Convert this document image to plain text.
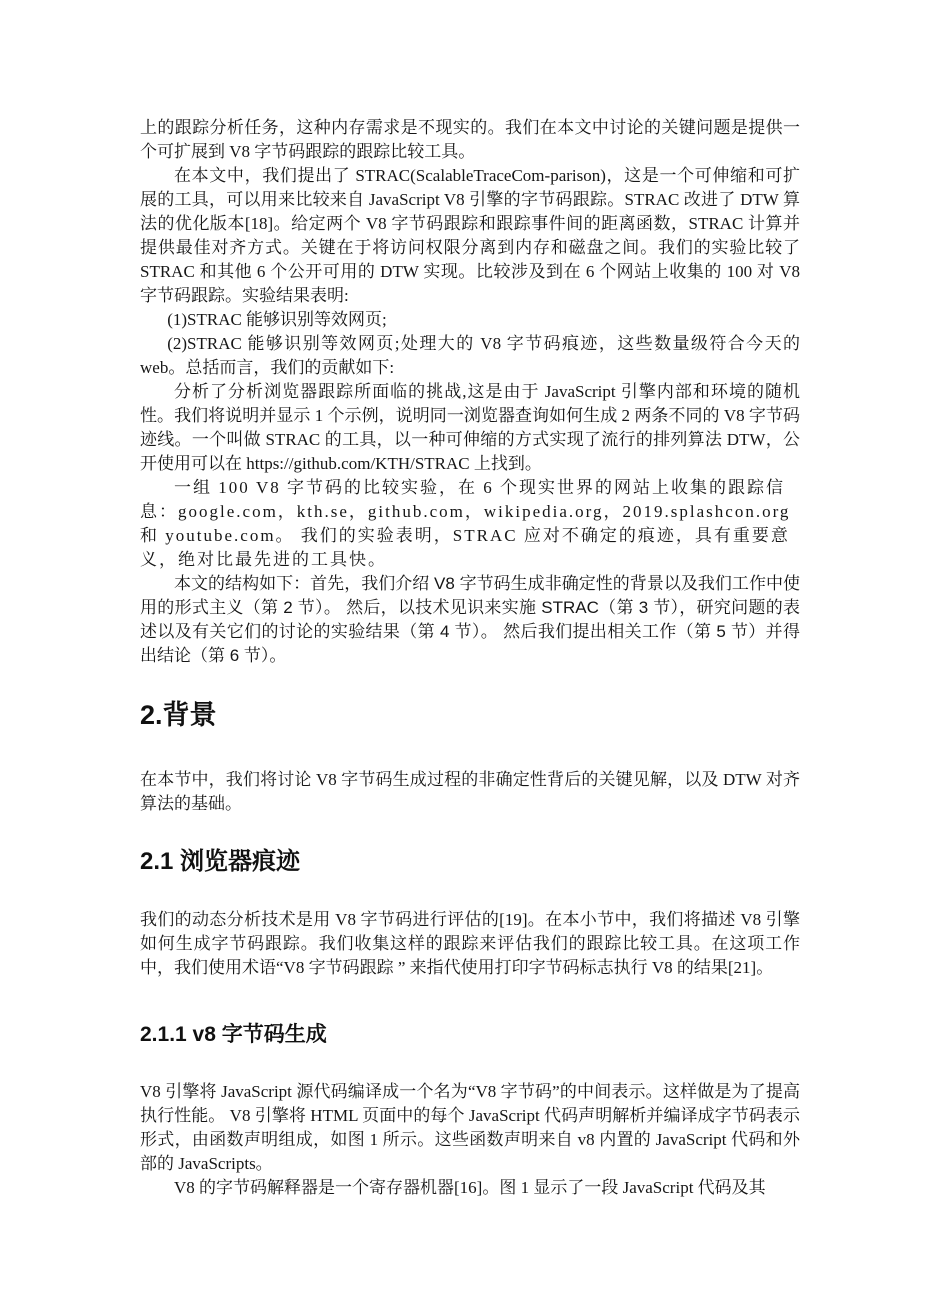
上的跟踪分析任务，这种内存需求是不现实的。我们在本文中讨论的关键问题是提供一个可扩展到 V8 字节码跟踪的跟踪比较工具。

在本文中，我们提出了 STRAC(ScalableTraceCom-parison)，这是一个可伸缩和可扩展的工具，可以用来比较来自 JavaScript V8 引擎的字节码跟踪。STRAC 改进了 DTW 算法的优化版本[18]。给定两个 V8 字节码跟踪和跟踪事件间的距离函数，STRAC 计算并提供最佳对齐方式。关键在于将访问权限分离到内存和磁盘之间。我们的实验比较了 STRAC 和其他 6 个公开可用的 DTW 实现。比较涉及到在 6 个网站上收集的 100 对 V8 字节码跟踪。实验结果表明:

(1)STRAC 能够识别等效网页;

(2)STRAC 能够识别等效网页;处理大的 V8 字节码痕迹，这些数量级符合今天的 web。总括而言，我们的贡献如下:

分析了分析浏览器跟踪所面临的挑战,这是由于 JavaScript 引擎内部和环境的随机性。我们将说明并显示 1 个示例，说明同一浏览器查询如何生成 2 两条不同的 V8 字节码迹线。一个叫做 STRAC 的工具，以一种可伸缩的方式实现了流行的排列算法 DTW，公开使用可以在 https://github.com/KTH/STRAC 上找到。

一组 100 V8 字节码的比较实验，在 6 个现实世界的网站上收集的跟踪信息：google.com，kth.se，github.com，wikipedia.org，2019.splashcon.org 和 youtube.com。 我们的实验表明，STRAC 应对不确定的痕迹，具有重要意义，绝对比最先进的工具快。

本文的结构如下：首先，我们介绍 V8 字节码生成非确定性的背景以及我们工作中使用的形式主义（第 2 节）。 然后，以技术见识来实施 STRAC（第 3 节），研究问题的表述以及有关它们的讨论的实验结果（第 4 节）。 然后我们提出相关工作（第 5 节）并得出结论（第 6 节）。

2.背景

在本节中，我们将讨论 V8 字节码生成过程的非确定性背后的关键见解，以及 DTW 对齐算法的基础。

2.1 浏览器痕迹

我们的动态分析技术是用 V8 字节码进行评估的[19]。在本小节中，我们将描述 V8 引擎如何生成字节码跟踪。我们收集这样的跟踪来评估我们的跟踪比较工具。在这项工作中，我们使用术语“V8 字节码跟踪 ” 来指代使用打印字节码标志执行 V8 的结果[21]。

2.1.1 v8 字节码生成

V8 引擎将 JavaScript 源代码编译成一个名为“V8 字节码”的中间表示。这样做是为了提高执行性能。 V8 引擎将 HTML 页面中的每个 JavaScript 代码声明解析并编译成字节码表示形式，由函数声明组成，如图 1 所示。这些函数声明来自 v8 内置的 JavaScript 代码和外部的 JavaScripts。

V8 的字节码解释器是一个寄存器机器[16]。图 1 显示了一段 JavaScript 代码及其
